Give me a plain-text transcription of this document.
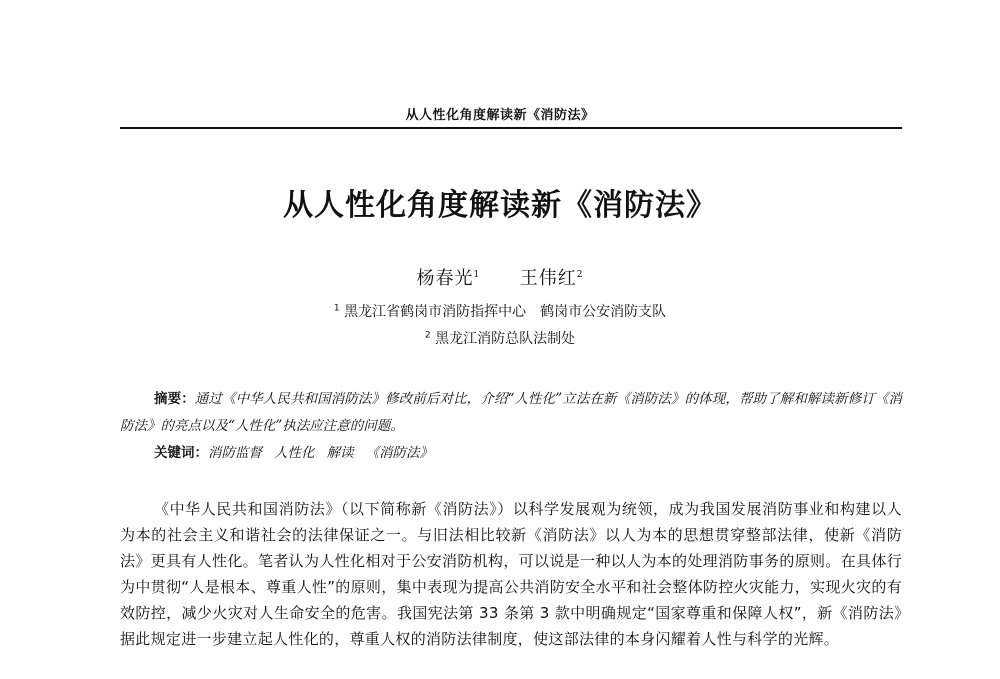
从人性化角度解读新《消防法》
从人性化角度解读新《消防法》
杨春光$^1$ 王伟红$^2$
$^1$ 黑龙江省鹤岗市消防指挥中心 鹤岗市公安消防支队
$^2$ 黑龙江消防总队法制处
摘要：通过《中华人民共和国消防法》修改前后对比，介绍“人性化”立法在新《消防法》的体现，帮助了解和解读新修订《消防法》的亮点以及“人性化”执法应注意的问题。
关键词：消防监督 人性化 解读 《消防法》
《中华人民共和国消防法》（以下简称新《消防法》）以科学发展观为统领，成为我国发展消防事业和构建以人为本的社会主义和谐社会的法律保证之一。与旧法相比较新《消防法》以人为本的思想贯穿整部法律，使新《消防法》更具有人性化。笔者认为人性化相对于公安消防机构，可以说是一种以人为本的处理消防事务的原则。在具体行为中贯彻“人是根本、尊重人性”的原则，集中表现为提高公共消防安全水平和社会整体防控火灾能力，实现火灾的有效防控，减少火灾对人生命安全的危害。我国宪法第 33 条第 3 款中明确规定“国家尊重和保障人权”，新《消防法》据此规定进一步建立起人性化的，尊重人权的消防法律制度，使这部法律的本身闪耀着人性与科学的光辉。
